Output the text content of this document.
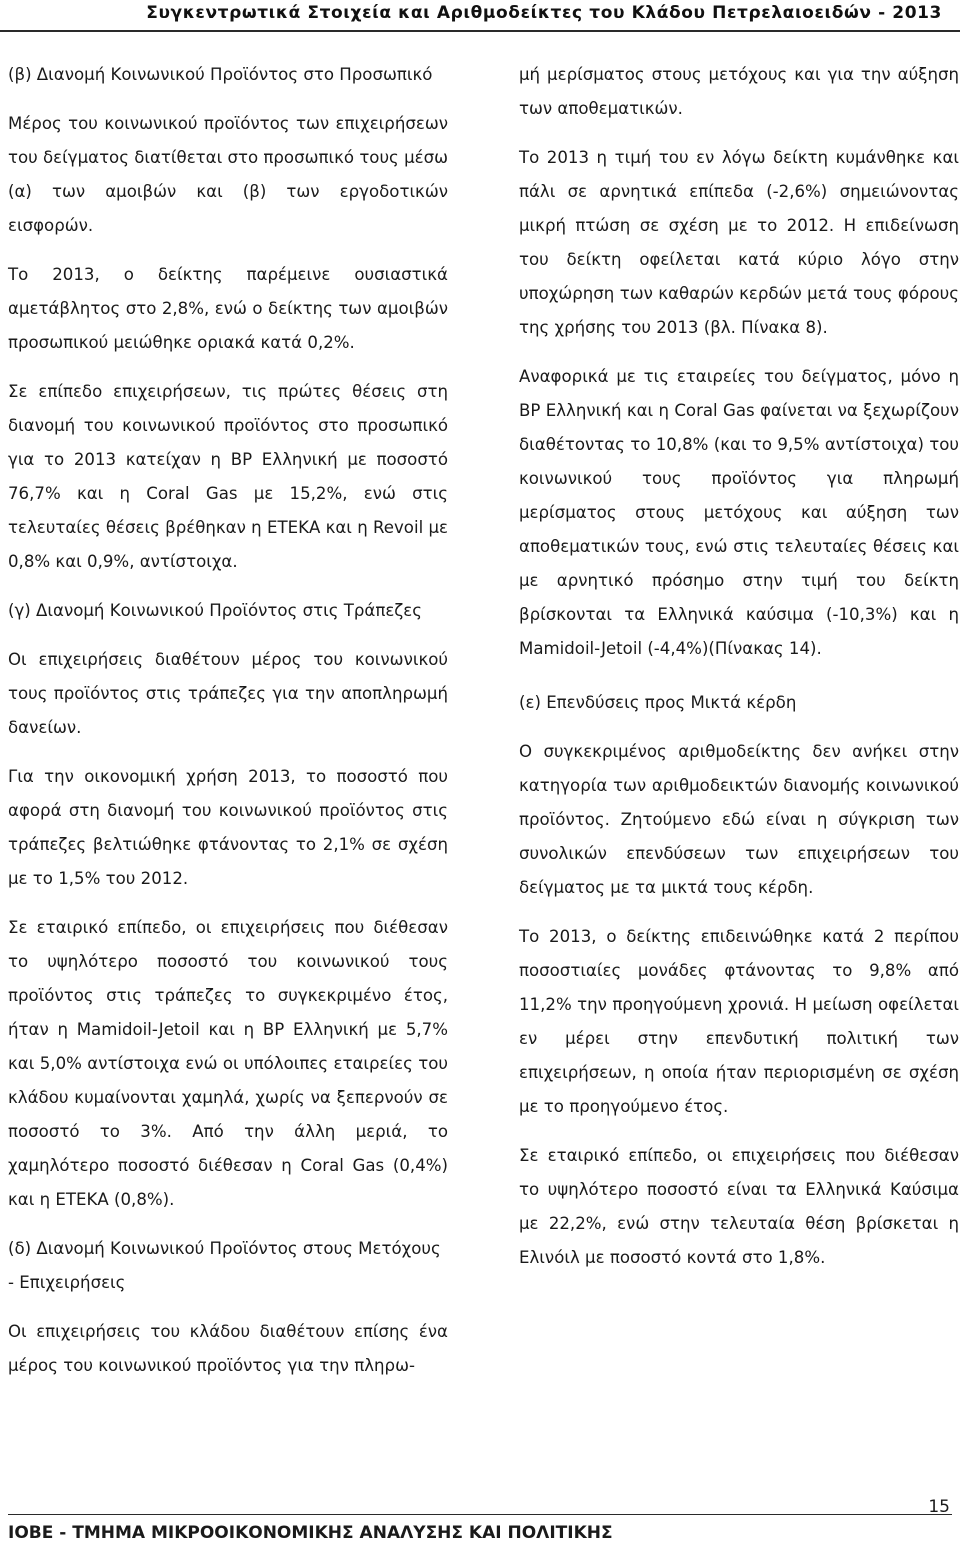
Συγκεντρωτικά Στοιχεία και Αριθμοδείκτες του Κλάδου Πετρελαιοειδών - 2013

(β) Διανομή Κοινωνικού Προϊόντος στο Προσωπικό

Μέρος του κοινωνικού προϊόντος των επιχειρήσεων του δείγματος διατίθεται στο προσωπικό τους μέσω (α) των αμοιβών και (β) των εργοδοτικών εισφορών.

Το 2013, ο δείκτης παρέμεινε ουσιαστικά αμετάβλητος στο 2,8%, ενώ ο δείκτης των αμοιβών προσωπικού μειώθηκε οριακά κατά 0,2%.

Σε επίπεδο επιχειρήσεων, τις πρώτες θέσεις στη διανομή του κοινωνικού προϊόντος στο προσωπικό για το 2013 κατείχαν η BP Ελληνική με ποσοστό 76,7% και η Coral Gas με 15,2%, ενώ στις τελευταίες θέσεις βρέθηκαν η ΕΤΕΚΑ και η Revoil με 0,8% και 0,9%, αντίστοιχα.

(γ) Διανομή Κοινωνικού Προϊόντος στις Τράπεζες

Οι επιχειρήσεις διαθέτουν μέρος του κοινωνικού τους προϊόντος στις τράπεζες για την αποπληρωμή δανείων.

Για την οικονομική χρήση 2013, το ποσοστό που αφορά στη διανομή του κοινωνικού προϊόντος στις τράπεζες βελτιώθηκε φτάνοντας το 2,1% σε σχέση με το 1,5% του 2012.

Σε εταιρικό επίπεδο, οι επιχειρήσεις που διέθεσαν το υψηλότερο ποσοστό του κοινωνικού τους προϊόντος στις τράπεζες το συγκεκριμένο έτος, ήταν η Mamidoil-Jetoil και η BP Ελληνική με 5,7% και 5,0% αντίστοιχα ενώ οι υπόλοιπες εταιρείες του κλάδου κυμαίνονται χαμηλά, χωρίς να ξεπερνούν σε ποσοστό το 3%. Από την άλλη μεριά, το χαμηλότερο ποσοστό διέθεσαν η Coral Gas (0,4%) και η ΕΤΕΚΑ (0,8%).

(δ) Διανομή Κοινωνικού Προϊόντος στους Μετόχους - Επιχειρήσεις

Οι επιχειρήσεις του κλάδου διαθέτουν επίσης ένα μέρος του κοινωνικού προϊόντος για την πληρω-

μή μερίσματος στους μετόχους και για την αύξηση των αποθεματικών.

Το 2013 η τιμή του εν λόγω δείκτη κυμάνθηκε και πάλι σε αρνητικά επίπεδα (-2,6%) σημειώνοντας μικρή πτώση σε σχέση με το 2012. Η επιδείνωση του δείκτη οφείλεται κατά κύριο λόγο στην υποχώρηση των καθαρών κερδών μετά τους φόρους της χρήσης του 2013 (βλ. Πίνακα 8).

Αναφορικά με τις εταιρείες του δείγματος, μόνο η BP Ελληνική και η Coral Gas φαίνεται να ξεχωρίζουν διαθέτοντας το 10,8% (και το 9,5% αντίστοιχα) του κοινωνικού τους προϊόντος για πληρωμή μερίσματος στους μετόχους και αύξηση των αποθεματικών τους, ενώ στις τελευταίες θέσεις και με αρνητικό πρόσημο στην τιμή του δείκτη βρίσκονται τα Ελληνικά καύσιμα (-10,3%) και η Mamidoil-Jetoil (-4,4%)(Πίνακας 14).

(ε) Επενδύσεις προς Μικτά κέρδη

Ο συγκεκριμένος αριθμοδείκτης δεν ανήκει στην κατηγορία των αριθμοδεικτών διανομής κοινωνικού προϊόντος. Ζητούμενο εδώ είναι η σύγκριση των συνολικών επενδύσεων των επιχειρήσεων του δείγματος με τα μικτά τους κέρδη.

Το 2013, ο δείκτης επιδεινώθηκε κατά 2 περίπου ποσοστιαίες μονάδες φτάνοντας το 9,8% από 11,2% την προηγούμενη χρονιά. Η μείωση οφείλεται εν μέρει στην επενδυτική πολιτική των επιχειρήσεων, η οποία ήταν περιορισμένη σε σχέση με το προηγούμενο έτος.

Σε εταιρικό επίπεδο, οι επιχειρήσεις που διέθεσαν το υψηλότερο ποσοστό είναι τα Ελληνικά Καύσιμα με 22,2%, ενώ στην τελευταία θέση βρίσκεται η Ελινόιλ με ποσοστό κοντά στο 1,8%.

ΙΟΒΕ - ΤΜΗΜΑ ΜΙΚΡΟΟΙΚΟΝΟΜΙΚΗΣ ΑΝΑΛΥΣΗΣ ΚΑΙ ΠΟΛΙΤΙΚΗΣ
15
